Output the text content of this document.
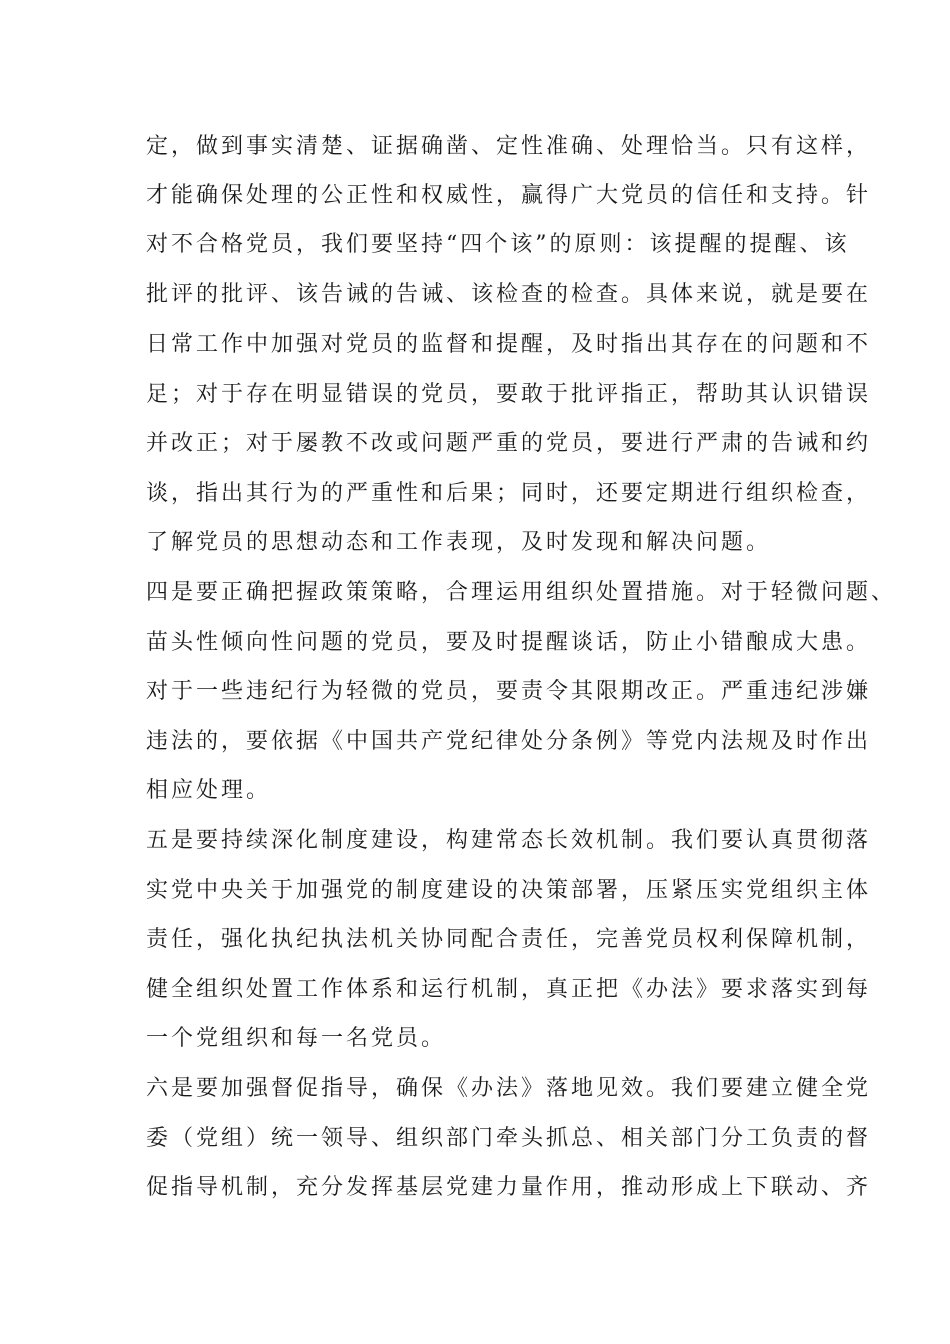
定，做到事实清楚、证据确凿、定性准确、处理恰当。只有这样，

才能确保处理的公正性和权威性，赢得广大党员的信任和支持。针

对不合格党员，我们要坚持“四个该”的原则：该提醒的提醒、该

批评的批评、该告诫的告诫、该检查的检查。具体来说，就是要在

日常工作中加强对党员的监督和提醒，及时指出其存在的问题和不

足；对于存在明显错误的党员，要敢于批评指正，帮助其认识错误

并改正；对于屡教不改或问题严重的党员，要进行严肃的告诫和约

谈，指出其行为的严重性和后果；同时，还要定期进行组织检查，

了解党员的思想动态和工作表现，及时发现和解决问题。

四是要正确把握政策策略，合理运用组织处置措施。对于轻微问题、

苗头性倾向性问题的党员，要及时提醒谈话，防止小错酿成大患。

对于一些违纪行为轻微的党员，要责令其限期改正。严重违纪涉嫌

违法的，要依据《中国共产党纪律处分条例》等党内法规及时作出

相应处理。

五是要持续深化制度建设，构建常态长效机制。我们要认真贯彻落

实党中央关于加强党的制度建设的决策部署，压紧压实党组织主体

责任，强化执纪执法机关协同配合责任，完善党员权利保障机制，

健全组织处置工作体系和运行机制，真正把《办法》要求落实到每

一个党组织和每一名党员。

六是要加强督促指导，确保《办法》落地见效。我们要建立健全党

委（党组）统一领导、组织部门牵头抓总、相关部门分工负责的督

促指导机制，充分发挥基层党建力量作用，推动形成上下联动、齐
